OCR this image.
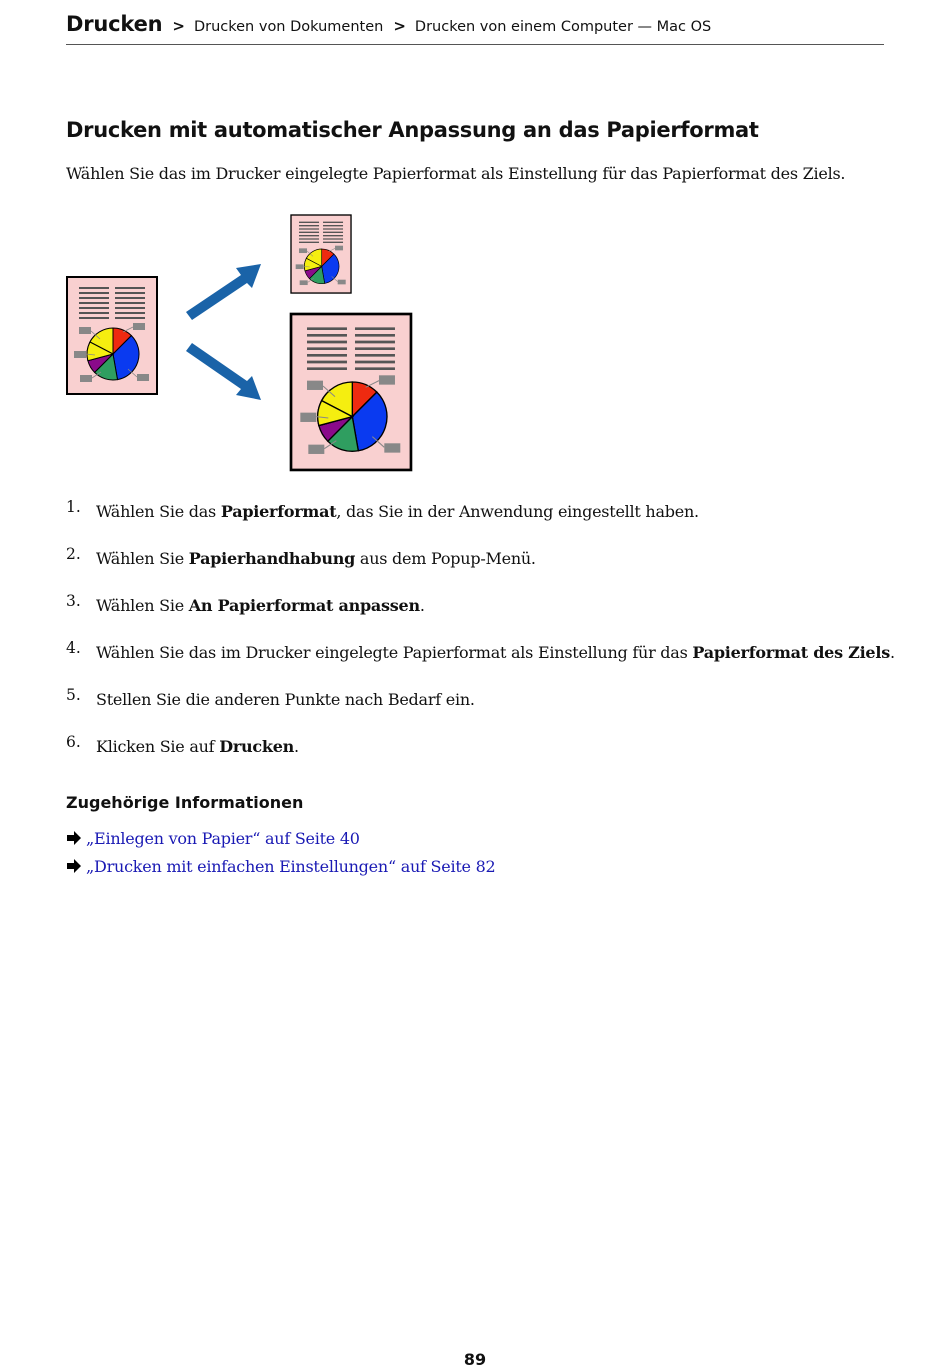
Drucken > Drucken von Dokumenten > Drucken von einem Computer — Mac OS
Drucken mit automatischer Anpassung an das Papierformat

Wählen Sie das im Drucker eingelegte Papierformat als Einstellung für das Papierformat des Ziels.

1. Wählen Sie das Papierformat, das Sie in der Anwendung eingestellt haben.
2. Wählen Sie Papierhandhabung aus dem Popup-Menü.
3. Wählen Sie An Papierformat anpassen.
4. Wählen Sie das im Drucker eingelegte Papierformat als Einstellung für das Papierformat des Ziels.
5. Stellen Sie die anderen Punkte nach Bedarf ein.
6. Klicken Sie auf Drucken.
Zugehörige Informationen
„Einlegen von Papier“ auf Seite 40
„Drucken mit einfachen Einstellungen“ auf Seite 82
89
